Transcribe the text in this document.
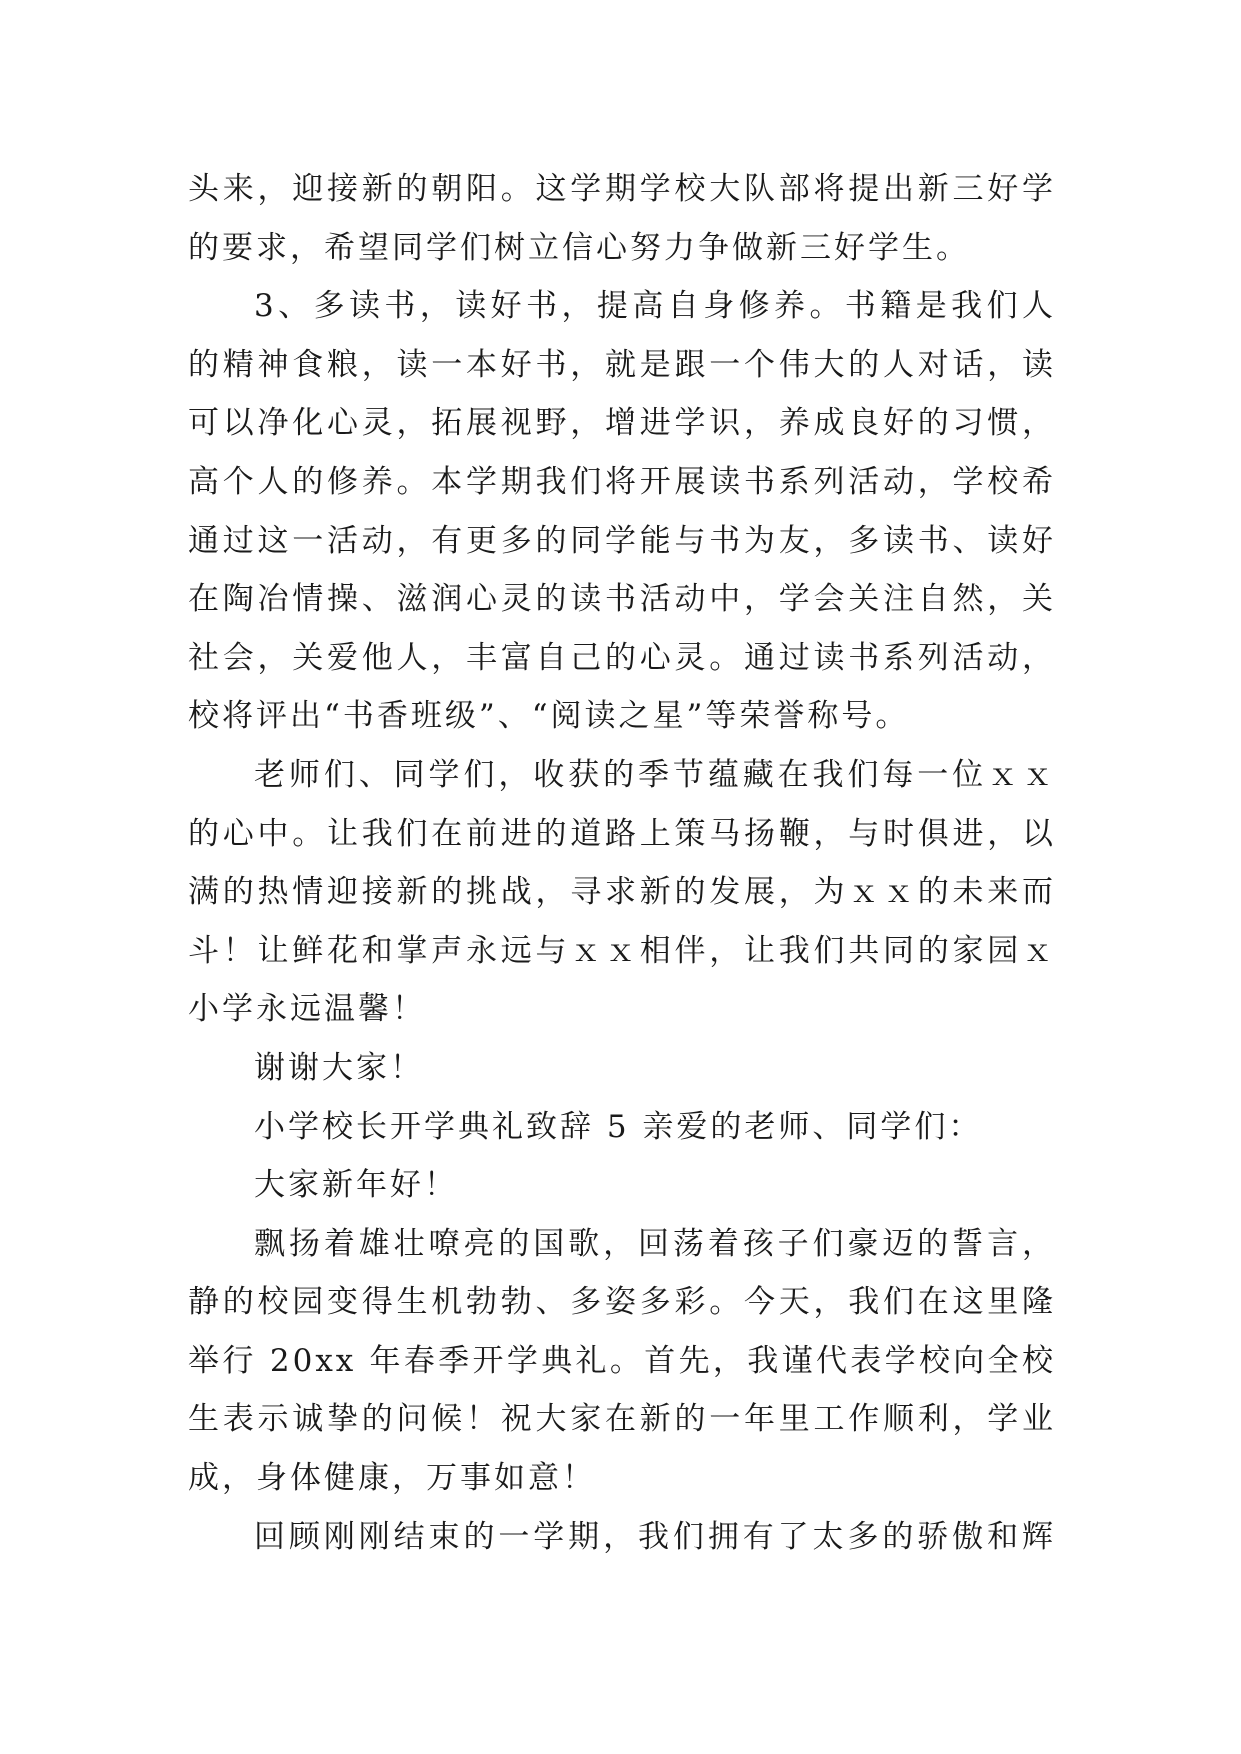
头来，迎接新的朝阳。这学期学校大队部将提出新三好学
的要求，希望同学们树立信心努力争做新三好学生。
3、多读书，读好书，提高自身修养。书籍是我们人
的精神食粮，读一本好书，就是跟一个伟大的人对话，读
可以净化心灵，拓展视野，增进学识，养成良好的习惯，
高个人的修养。本学期我们将开展读书系列活动，学校希
通过这一活动，有更多的同学能与书为友，多读书、读好
在陶冶情操、滋润心灵的读书活动中，学会关注自然，关
社会，关爱他人，丰富自己的心灵。通过读书系列活动，
校将评出“书香班级”、“阅读之星”等荣誉称号。
老师们、同学们，收获的季节蕴藏在我们每一位ｘｘ
的心中。让我们在前进的道路上策马扬鞭，与时俱进，以
满的热情迎接新的挑战，寻求新的发展，为ｘｘ的未来而
斗！让鲜花和掌声永远与ｘｘ相伴，让我们共同的家园ｘ
小学永远温馨！
谢谢大家！
小学校长开学典礼致辞 5 亲爱的老师、同学们：
大家新年好！
飘扬着雄壮嘹亮的国歌，回荡着孩子们豪迈的誓言，
静的校园变得生机勃勃、多姿多彩。今天，我们在这里隆
举行 20xx 年春季开学典礼。首先，我谨代表学校向全校
生表示诚挚的问候！祝大家在新的一年里工作顺利，学业
成，身体健康，万事如意！
回顾刚刚结束的一学期，我们拥有了太多的骄傲和辉
